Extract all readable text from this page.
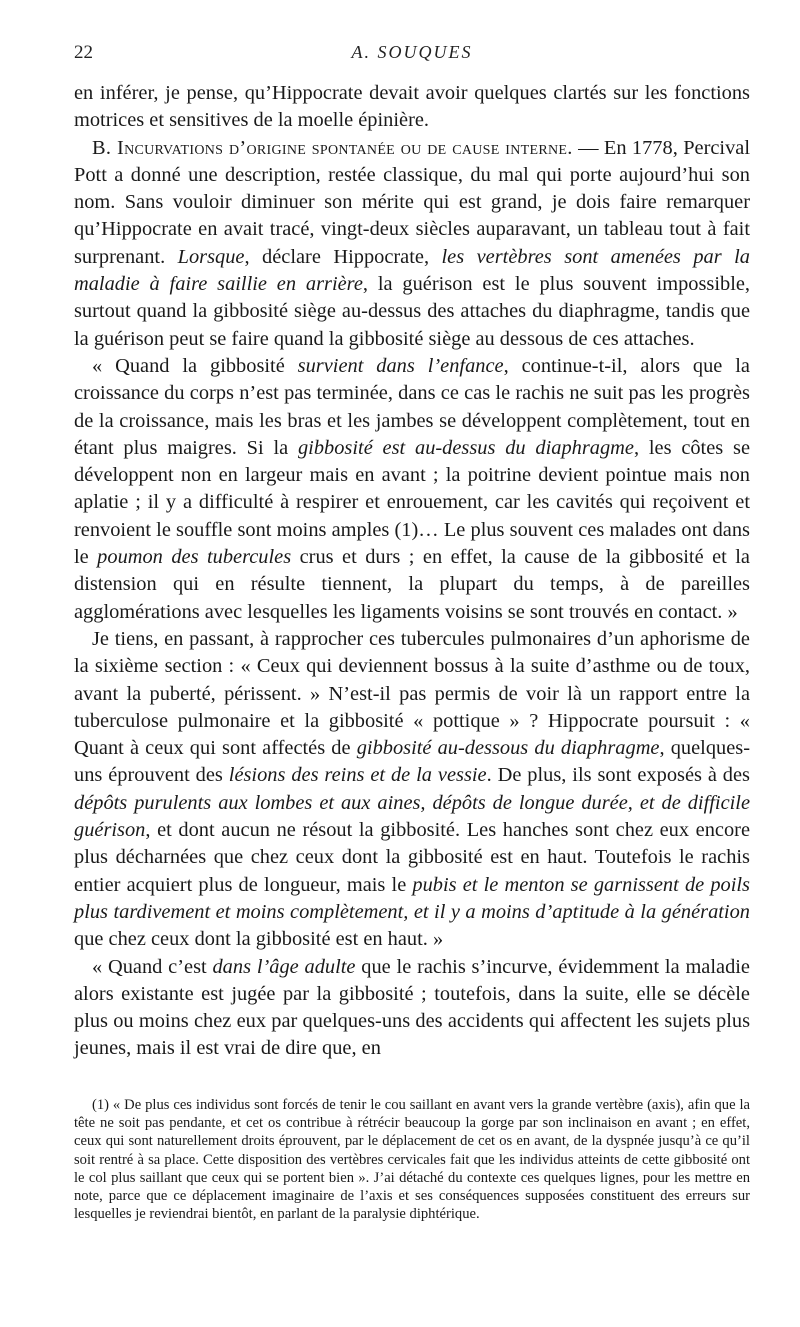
22	A. SOUQUES

en inférer, je pense, qu’Hippocrate devait avoir quelques clartés sur les fonctions motrices et sensitives de la moelle épinière.

B. Incurvations d’origine spontanée ou de cause interne. — En 1778, Percival Pott a donné une description, restée classique, du mal qui porte aujourd’hui son nom. Sans vouloir diminuer son mérite qui est grand, je dois faire remarquer qu’Hippocrate en avait tracé, vingt-deux siècles auparavant, un tableau tout à fait surprenant. Lorsque, déclare Hippocrate, les vertèbres sont amenées par la maladie à faire saillie en arrière, la guérison est le plus souvent impossible, surtout quand la gibbosité siège au-dessus des attaches du diaphragme, tandis que la guérison peut se faire quand la gibbosité siège au dessous de ces attaches.

« Quand la gibbosité survient dans l’enfance, continue-t-il, alors que la croissance du corps n’est pas terminée, dans ce cas le rachis ne suit pas les progrès de la croissance, mais les bras et les jambes se développent complètement, tout en étant plus maigres. Si la gibbosité est au-dessus du diaphragme, les côtes se développent non en largeur mais en avant ; la poitrine devient pointue mais non aplatie ; il y a difficulté à respirer et enrouement, car les cavités qui reçoivent et renvoient le souffle sont moins amples (1)… Le plus souvent ces malades ont dans le poumon des tubercules crus et durs ; en effet, la cause de la gibbosité et la distension qui en résulte tiennent, la plupart du temps, à de pareilles agglomérations avec lesquelles les ligaments voisins se sont trouvés en contact. »

Je tiens, en passant, à rapprocher ces tubercules pulmonaires d’un aphorisme de la sixième section : « Ceux qui deviennent bossus à la suite d’asthme ou de toux, avant la puberté, périssent. » N’est-il pas permis de voir là un rapport entre la tuberculose pulmonaire et la gibbosité « pottique » ? Hippocrate poursuit : « Quant à ceux qui sont affectés de gibbosité au-dessous du diaphragme, quelques-uns éprouvent des lésions des reins et de la vessie. De plus, ils sont exposés à des dépôts purulents aux lombes et aux aines, dépôts de longue durée, et de difficile guérison, et dont aucun ne résout la gibbosité. Les hanches sont chez eux encore plus décharnées que chez ceux dont la gibbosité est en haut. Toutefois le rachis entier acquiert plus de longueur, mais le pubis et le menton se garnissent de poils plus tardivement et moins complètement, et il y a moins d’aptitude à la génération que chez ceux dont la gibbosité est en haut. »

« Quand c’est dans l’âge adulte que le rachis s’incurve, évidemment la maladie alors existante est jugée par la gibbosité ; toutefois, dans la suite, elle se décèle plus ou moins chez eux par quelques-uns des accidents qui affectent les sujets plus jeunes, mais il est vrai de dire que, en

(1) « De plus ces individus sont forcés de tenir le cou saillant en avant vers la grande vertèbre (axis), afin que la tête ne soit pas pendante, et cet os contribue à rétrécir beaucoup la gorge par son inclinaison en avant ; en effet, ceux qui sont naturellement droits éprouvent, par le déplacement de cet os en avant, de la dyspnée jusqu’à ce qu’il soit rentré à sa place. Cette disposition des vertèbres cervicales fait que les individus atteints de cette gibbosité ont le col plus saillant que ceux qui se portent bien ». J’ai détaché du contexte ces quelques lignes, pour les mettre en note, parce que ce déplacement imaginaire de l’axis et ses conséquences supposées constituent des erreurs sur lesquelles je reviendrai bientôt, en parlant de la paralysie diphtérique.
